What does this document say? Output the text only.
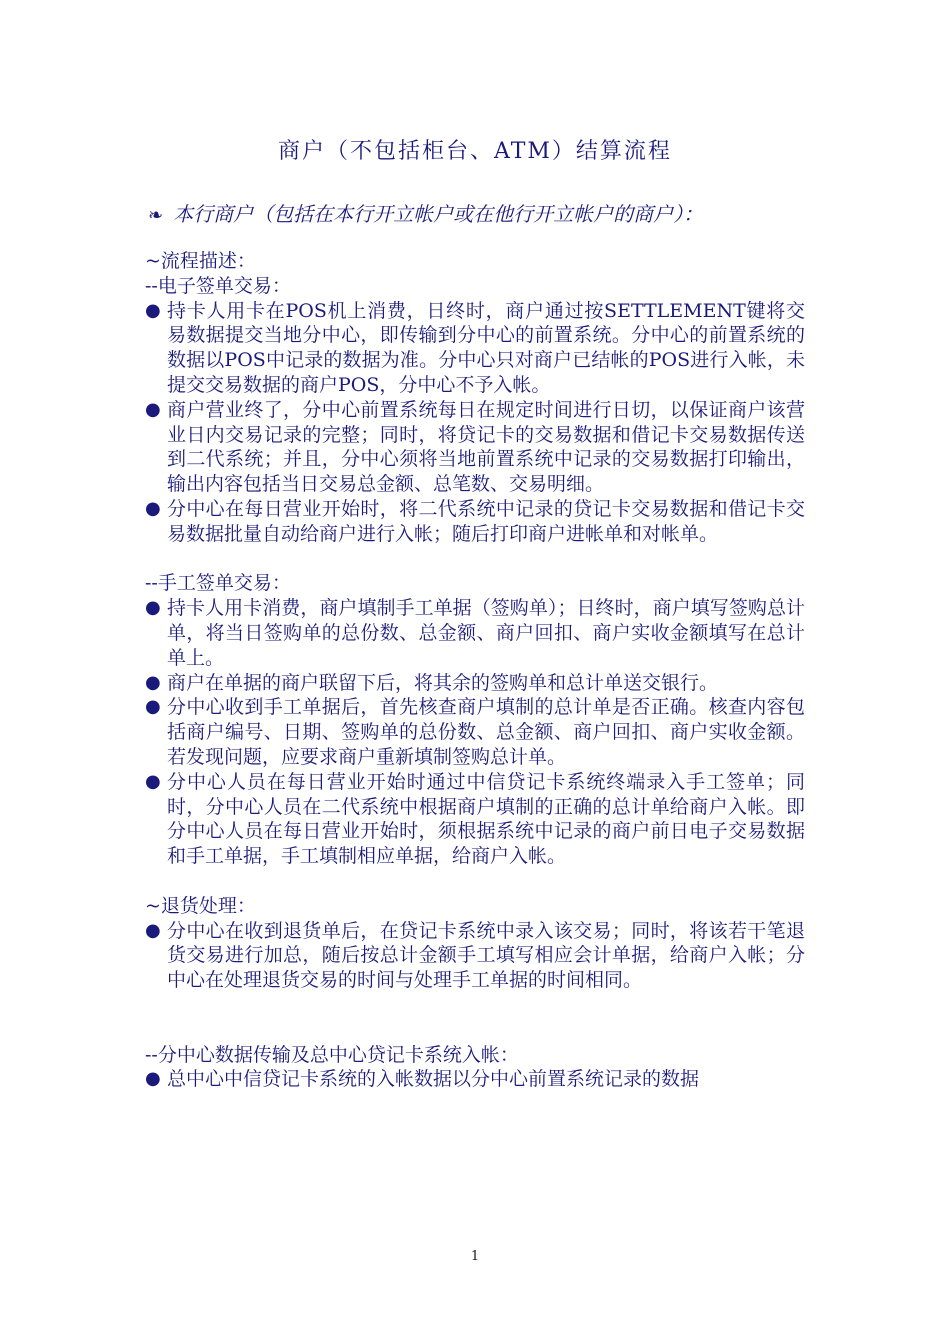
商户（不包括柜台、ATM）结算流程
❧ 本行商户（包括在本行开立帐户或在他行开立帐户的商户）：
~流程描述：
--电子签单交易：
● 持卡人用卡在POS机上消费，日终时，商户通过按SETTLEMENT键将交易数据提交当地分中心，即传输到分中心的前置系统。分中心的前置系统的数据以POS中记录的数据为准。分中心只对商户已结帐的POS进行入帐，未提交交易数据的商户POS，分中心不予入帐。
● 商户营业终了，分中心前置系统每日在规定时间进行日切，以保证商户该营业日内交易记录的完整；同时，将贷记卡的交易数据和借记卡交易数据传送到二代系统；并且，分中心须将当地前置系统中记录的交易数据打印输出，输出内容包括当日交易总金额、总笔数、交易明细。
● 分中心在每日营业开始时，将二代系统中记录的贷记卡交易数据和借记卡交易数据批量自动给商户进行入帐；随后打印商户进帐单和对帐单。
--手工签单交易：
● 持卡人用卡消费，商户填制手工单据（签购单）；日终时，商户填写签购总计单，将当日签购单的总份数、总金额、商户回扣、商户实收金额填写在总计单上。
● 商户在单据的商户联留下后，将其余的签购单和总计单送交银行。
● 分中心收到手工单据后，首先核查商户填制的总计单是否正确。核查内容包括商户编号、日期、签购单的总份数、总金额、商户回扣、商户实收金额。若发现问题，应要求商户重新填制签购总计单。
● 分中心人员在每日营业开始时通过中信贷记卡系统终端录入手工签单；同时，分中心人员在二代系统中根据商户填制的正确的总计单给商户入帐。即分中心人员在每日营业开始时，须根据系统中记录的商户前日电子交易数据和手工单据，手工填制相应单据，给商户入帐。
~退货处理：
● 分中心在收到退货单后，在贷记卡系统中录入该交易；同时，将该若干笔退货交易进行加总，随后按总计金额手工填写相应会计单据，给商户入帐；分中心在处理退货交易的时间与处理手工单据的时间相同。
--分中心数据传输及总中心贷记卡系统入帐：
● 总中心中信贷记卡系统的入帐数据以分中心前置系统记录的数据
1
